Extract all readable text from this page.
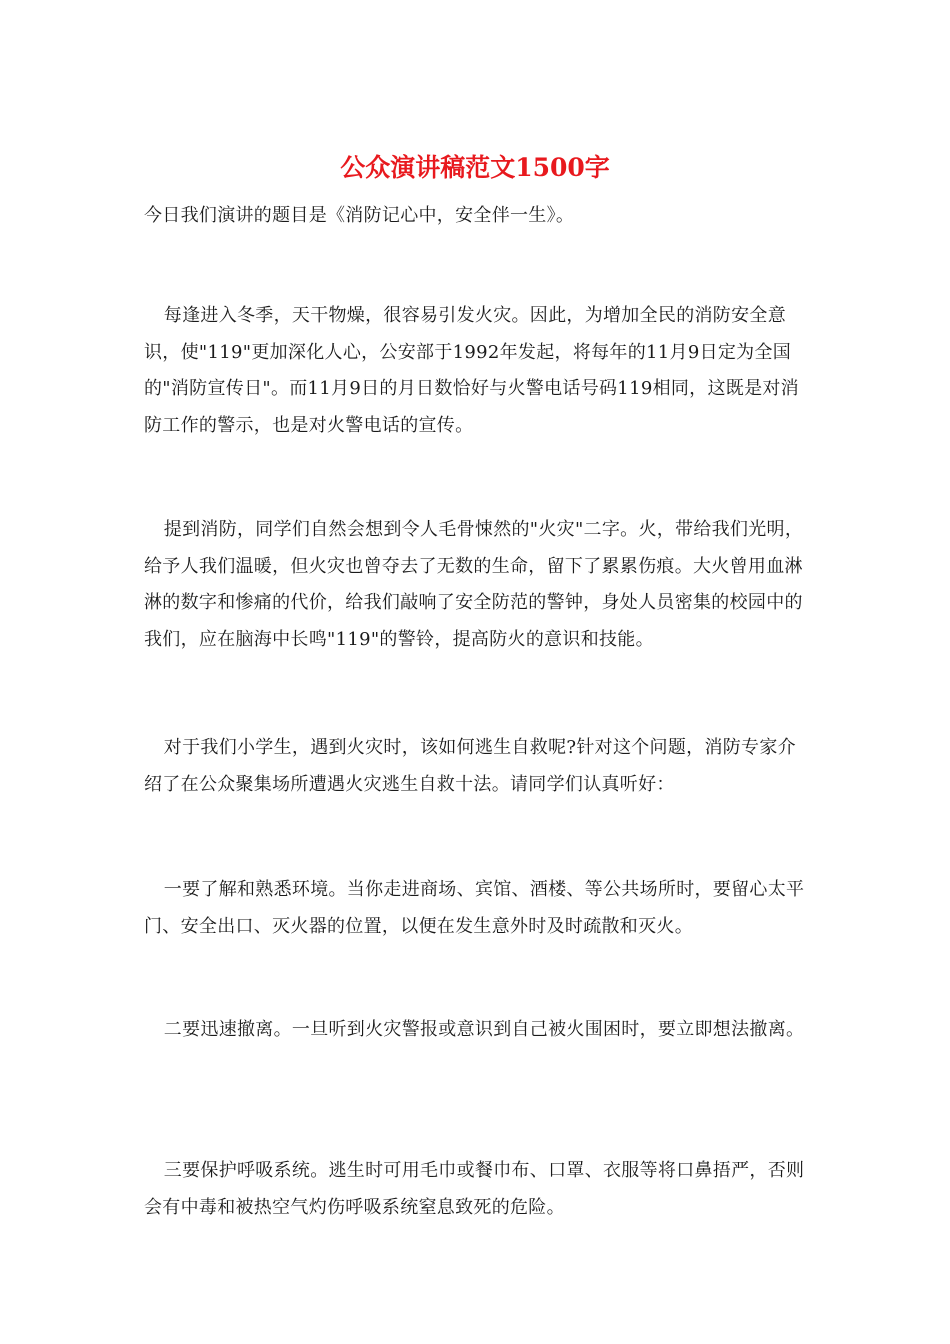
公众演讲稿范文1500字

今日我们演讲的题目是《消防记心中，安全伴一生》。

每逢进入冬季，天干物燥，很容易引发火灾。因此，为增加全民的消防安全意识，使"119"更加深化人心，公安部于1992年发起，将每年的11月9日定为全国的"消防宣传日"。而11月9日的月日数恰好与火警电话号码119相同，这既是对消防工作的警示，也是对火警电话的宣传。

提到消防，同学们自然会想到令人毛骨悚然的"火灾"二字。火，带给我们光明，给予人我们温暖，但火灾也曾夺去了无数的生命，留下了累累伤痕。大火曾用血淋淋的数字和惨痛的代价，给我们敲响了安全防范的警钟，身处人员密集的校园中的我们，应在脑海中长鸣"119"的警铃，提高防火的意识和技能。

对于我们小学生，遇到火灾时，该如何逃生自救呢?针对这个问题，消防专家介绍了在公众聚集场所遭遇火灾逃生自救十法。请同学们认真听好：

一要了解和熟悉环境。当你走进商场、宾馆、酒楼、等公共场所时，要留心太平门、安全出口、灭火器的位置，以便在发生意外时及时疏散和灭火。

二要迅速撤离。一旦听到火灾警报或意识到自己被火围困时，要立即想法撤离。

三要保护呼吸系统。逃生时可用毛巾或餐巾布、口罩、衣服等将口鼻捂严，否则会有中毒和被热空气灼伤呼吸系统窒息致死的危险。
